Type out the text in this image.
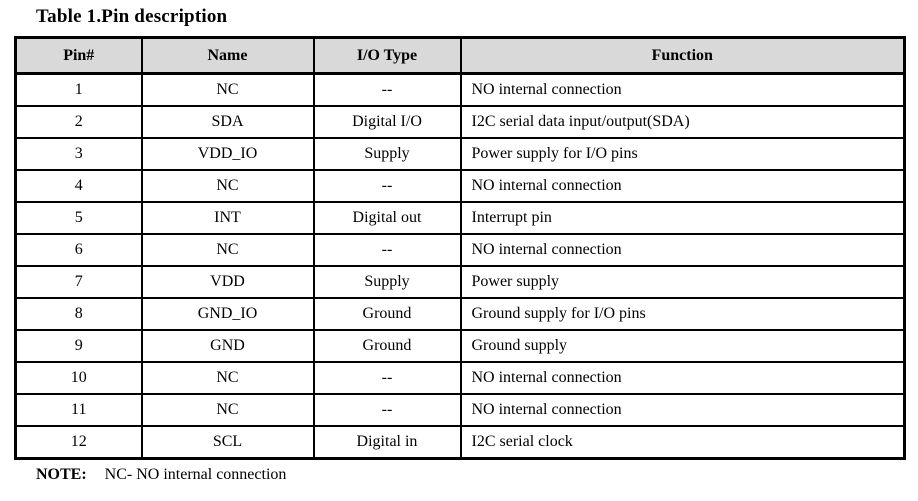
Table 1.Pin description
Pin#	Name	I/O Type	Function
1	NC	--	NO internal connection
2	SDA	Digital I/O	I2C serial data input/output(SDA)
3	VDD_IO	Supply	Power supply for I/O pins
4	NC	--	NO internal connection
5	INT	Digital out	Interrupt pin
6	NC	--	NO internal connection
7	VDD	Supply	Power supply
8	GND_IO	Ground	Ground supply for I/O pins
9	GND	Ground	Ground supply
10	NC	--	NO internal connection
11	NC	--	NO internal connection
12	SCL	Digital in	I2C serial clock
NOTE: NC- NO internal connection
